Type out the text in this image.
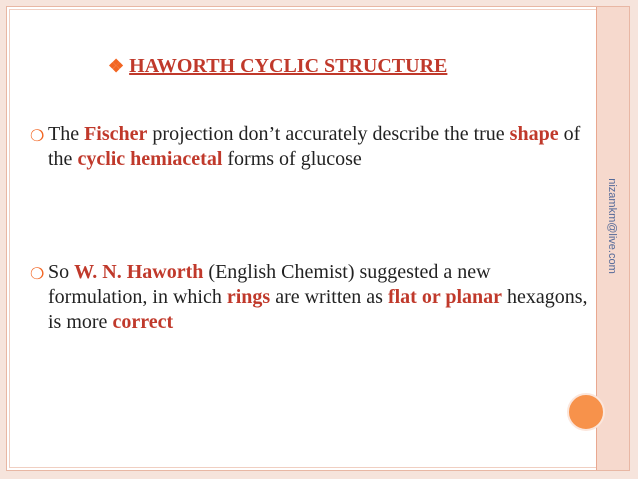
nizamkm@live.com
❖ HAWORTH CYCLIC STRUCTURE
❍ The Fischer projection don’t accurately describe the true shape of the cyclic hemiacetal forms of glucose
❍ So W. N. Haworth (English Chemist) suggested a new formulation, in which rings are written as flat or planar hexagons, is more correct
